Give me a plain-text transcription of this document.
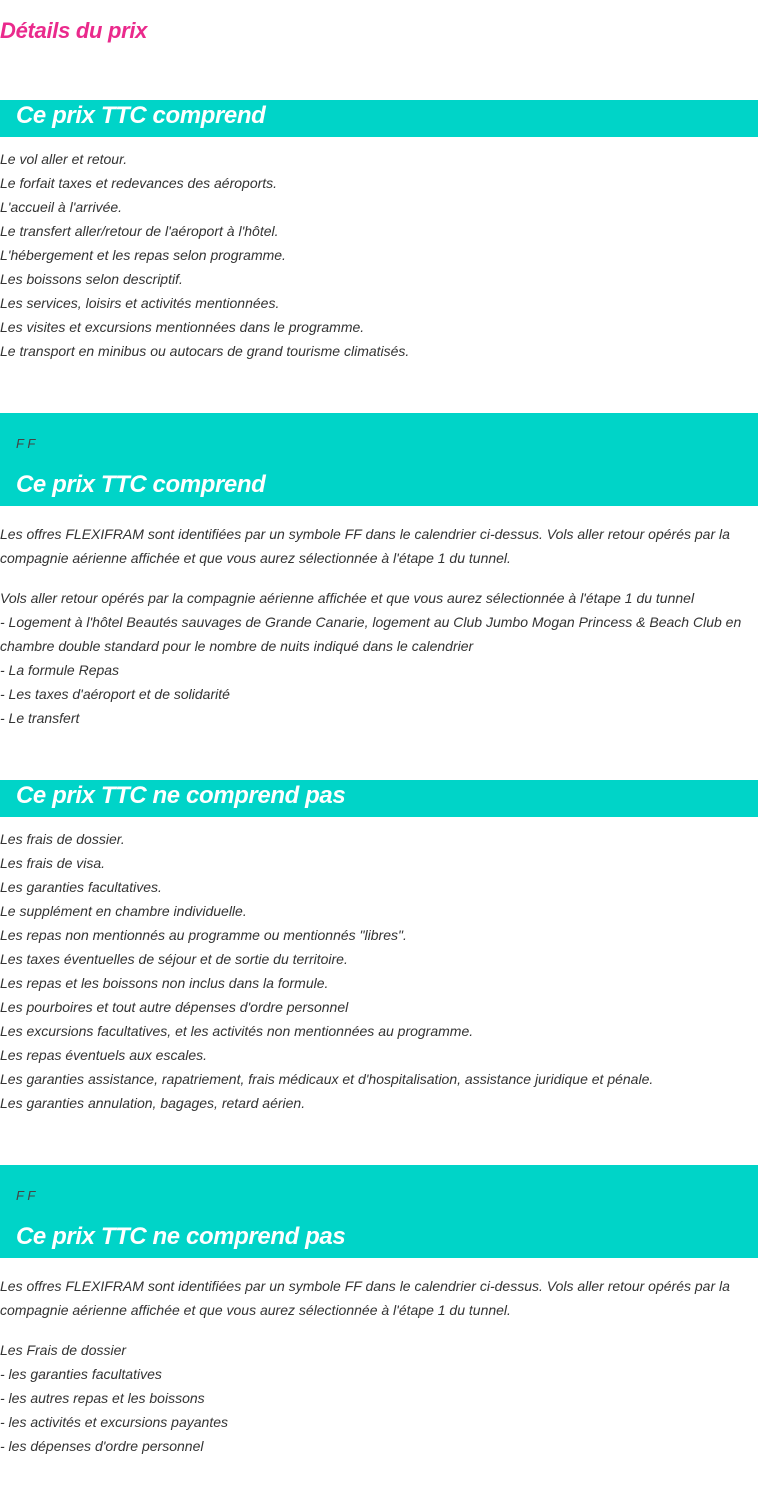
Détails du prix
Ce prix TTC comprend
Le vol aller et retour.
Le forfait taxes et redevances des aéroports.
L'accueil à l'arrivée.
Le transfert aller/retour de l'aéroport à l'hôtel.
L'hébergement et les repas selon programme.
Les boissons selon descriptif.
Les services, loisirs et activités mentionnées.
Les visites et excursions mentionnées dans le programme.
Le transport en minibus ou autocars de grand tourisme climatisés.
F F
Ce prix TTC comprend
Les offres FLEXIFRAM sont identifiées par un symbole FF dans le calendrier ci-dessus. Vols aller retour opérés par la compagnie aérienne affichée et que vous aurez sélectionnée à l'étape 1 du tunnel.
Vols aller retour opérés par la compagnie aérienne affichée et que vous aurez sélectionnée à l'étape 1 du tunnel
- Logement à l'hôtel Beautés sauvages de Grande Canarie, logement au Club Jumbo Mogan Princess & Beach Club en chambre double standard pour le nombre de nuits indiqué dans le calendrier
- La formule Repas
- Les taxes d'aéroport et de solidarité
- Le transfert
Ce prix TTC ne comprend pas
Les frais de dossier.
Les frais de visa.
Les garanties facultatives.
Le supplément en chambre individuelle.
Les repas non mentionnés au programme ou mentionnés "libres".
Les taxes éventuelles de séjour et de sortie du territoire.
Les repas et les boissons non inclus dans la formule.
Les pourboires et tout autre dépenses d'ordre personnel
Les excursions facultatives, et les activités non mentionnées au programme.
Les repas éventuels aux escales.
Les garanties assistance, rapatriement, frais médicaux et d'hospitalisation, assistance juridique et pénale.
Les garanties annulation, bagages, retard aérien.
F F
Ce prix TTC ne comprend pas
Les offres FLEXIFRAM sont identifiées par un symbole FF dans le calendrier ci-dessus. Vols aller retour opérés par la compagnie aérienne affichée et que vous aurez sélectionnée à l'étape 1 du tunnel.
Les Frais de dossier
- les garanties facultatives
- les autres repas et les boissons
- les activités et excursions payantes
- les dépenses d'ordre personnel
